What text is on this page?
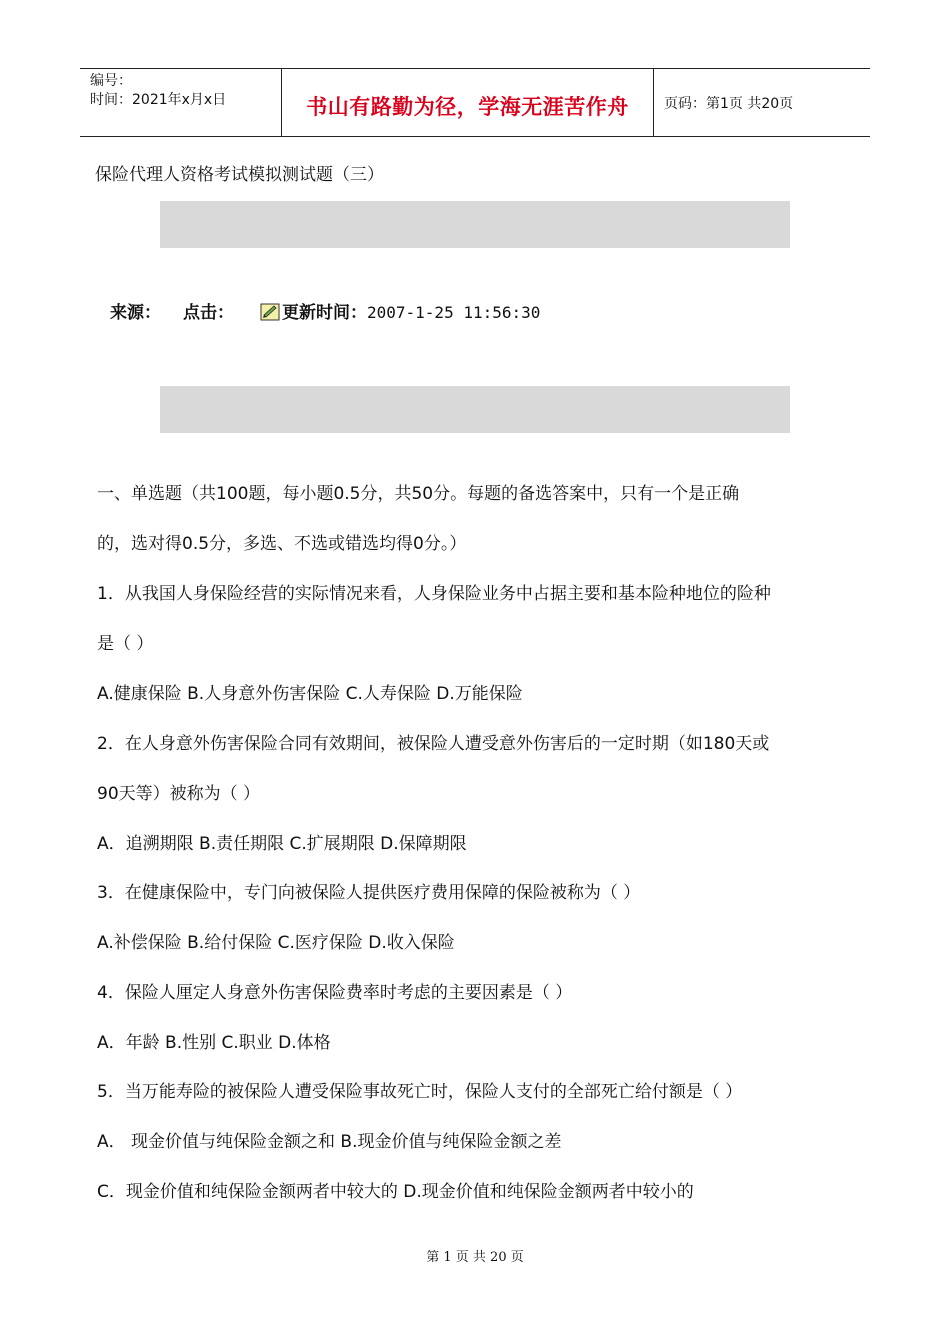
编号：
时间：2021年x月x日	书山有路勤为径，学海无涯苦作舟	页码：第1页 共20页
保险代理人资格考试模拟测试题（三）
来源： 点击：	更新时间：2007-1-25 11:56:30
一、单选题（共100题，每小题0.5分，共50分。每题的备选答案中，只有一个是正确
的，选对得0.5分，多选、不选或错选均得0分。）
1．从我国人身保险经营的实际情况来看，人身保险业务中占据主要和基本险种地位的险种
是（ ）
A.健康保险 B.人身意外伤害保险 C.人寿保险 D.万能保险
2．在人身意外伤害保险合同有效期间，被保险人遭受意外伤害后的一定时期（如180天或
90天等）被称为（ ）
A．追溯期限 B.责任期限 C.扩展期限 D.保障期限
3．在健康保险中，专门向被保险人提供医疗费用保障的保险被称为（ ）
A.补偿保险 B.给付保险 C.医疗保险 D.收入保险
4．保险人厘定人身意外伤害保险费率时考虑的主要因素是（ ）
A．年龄 B.性别 C.职业 D.体格
5．当万能寿险的被保险人遭受保险事故死亡时，保险人支付的全部死亡给付额是（ ）
A． 现金价值与纯保险金额之和 B.现金价值与纯保险金额之差
C．现金价值和纯保险金额两者中较大的 D.现金价值和纯保险金额两者中较小的
第 1 页 共 20 页
